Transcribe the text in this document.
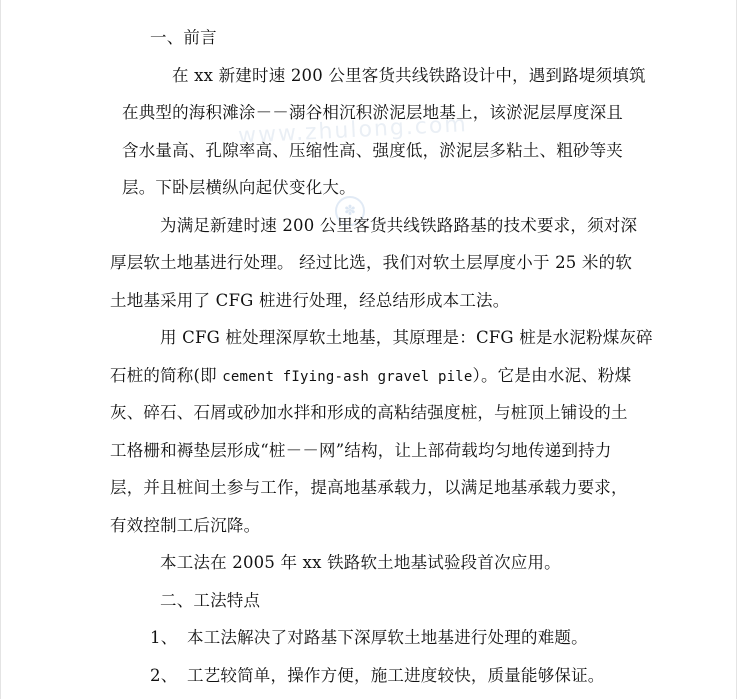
www.zhulong.com
✽
一、前言
在 xx 新建时速 200 公里客货共线铁路设计中，遇到路堤须填筑
在典型的海积滩涂－－溺谷相沉积淤泥层地基上，该淤泥层厚度深且
含水量高、孔隙率高、压缩性高、强度低，淤泥层多粘土、粗砂等夹
层。下卧层横纵向起伏变化大。
为满足新建时速 200 公里客货共线铁路路基的技术要求，须对深
厚层软土地基进行处理。 经过比选，我们对软土层厚度小于 25 米的软
土地基采用了 CFG 桩进行处理，经总结形成本工法。
用 CFG 桩处理深厚软土地基，其原理是：CFG 桩是水泥粉煤灰碎
石桩的简称(即 cement fIying-ash gravel pile）。它是由水泥、粉煤
灰、碎石、石屑或砂加水拌和形成的高粘结强度桩，与桩顶上铺设的土
工格栅和褥垫层形成“桩－－网”结构，让上部荷载均匀地传递到持力
层，并且桩间土参与工作，提高地基承载力，以满足地基承载力要求，
有效控制工后沉降。
本工法在 2005 年 xx 铁路软土地基试验段首次应用。
二、工法特点
1、 本工法解决了对路基下深厚软土地基进行处理的难题。
2、 工艺较简单，操作方便，施工进度较快，质量能够保证。
